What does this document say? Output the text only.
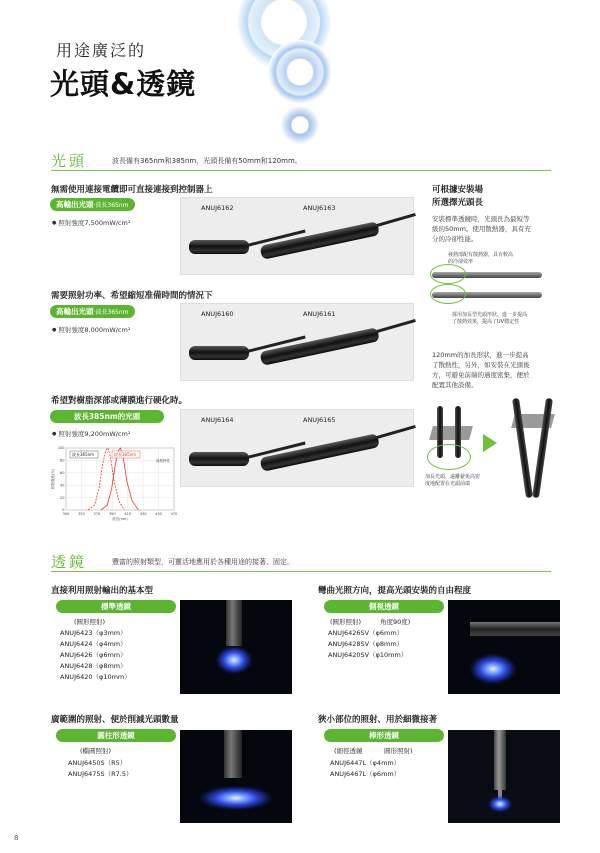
用途廣泛的
光頭&透鏡
光頭	波長備有365nm和385nm，光頭長備有50mm和120mm。
無需使用連接電纜即可直接連接到控制器上
高輸出光頭‧波長365nm
● 照射強度7,500mW/cm²
ANUJ6162	ANUJ6163
需要照射功率、希望縮短准備時間的情況下
高輸出光頭‧波長365nm
● 照射強度8,000mW/cm²
ANUJ6160	ANUJ6161
希望對樹脂深部或薄膜進行硬化時。
波長385nm的光頭
● 照射強度9,200mW/cm²
ANUJ6164	ANUJ6165
300 350 370 390 410 430 450 470
0
20
40
60
80
100
波長(nm)
相對強度(%)
波長365nm	波長385nm
典型特性
可根據安裝場
所選擇光頭長
安裝標準透鏡時，光頭長為最短等
級的50mm。使用散熱器，具有充
分的冷卻性能。
發熱部配有散熱器，具有較高
的冷卻效率
採用加長型光頭形狀，進一步提高
了散熱效果，提高了UV穩定性
120mm的加長形狀，進一步提高
了散熱性，另外，如安裝在光頭後
方，可避免前端的過度密集，便於
配置其他設備。
加長光頭，遠離避免高密
度地配置在光頭前端
透鏡	豐富的照射類型，可靈活地應用於各種用途的接著、固定。
直接利用照射輸出的基本型
標準透鏡
(圓形照射)
ANUJ6423（φ3mm）
ANUJ6424（φ4mm）
ANUJ6426（φ6mm）
ANUJ6428（φ8mm）
ANUJ6420（φ10mm）
彎曲光照方向，提高光頭安裝的自由程度
側視透鏡
(圓形照射)	角度90度)
ANUJ6426SV（φ6mm）
ANUJ6428SV（φ8mm）
ANUJ6420SV（φ10mm）
廣範圍的照射、便於削減光頭數量
圓柱形透鏡
(橢圓照射)
ANUJ6450S（R5）
ANUJ6475S（R7.5）
狹小部位的照射、用於細微接著
棒形透鏡
(細徑透鏡	圓形照射)
ANUJ6447L（φ4mm）
ANUJ6467L（φ6mm）
8
